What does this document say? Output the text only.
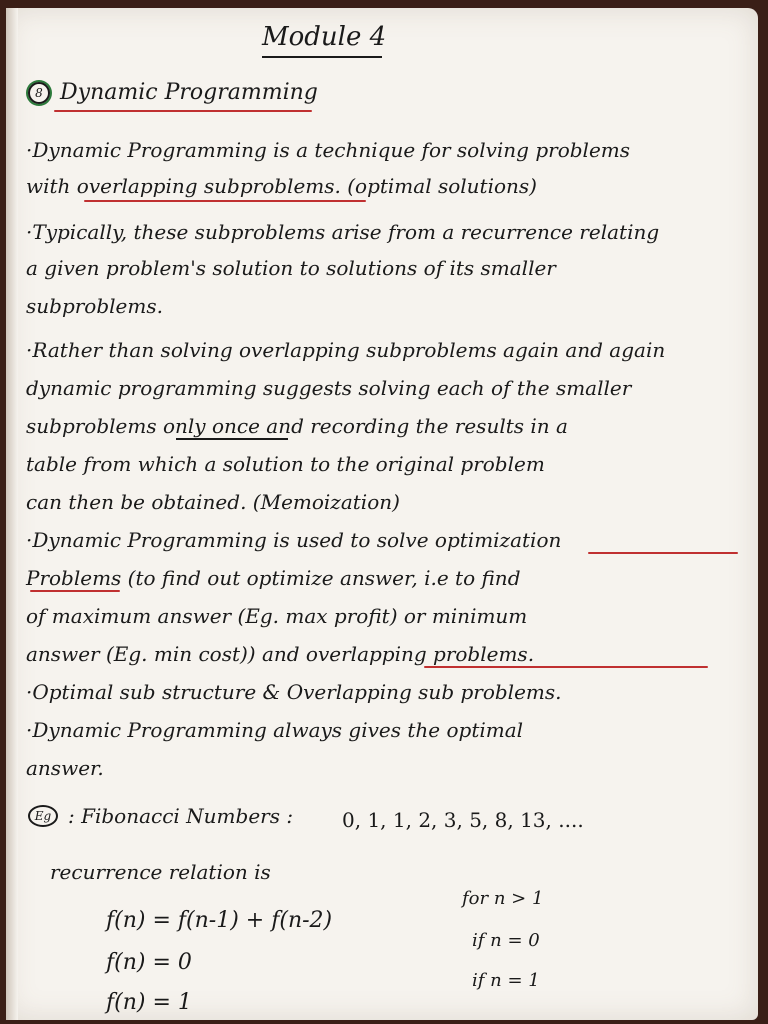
Module 4
8 Dynamic Programming
·Dynamic Programming is a technique for solving problems
with overlapping subproblems. (optimal solutions)
·Typically, these subproblems arise from a recurrence relating
a given problem's solution to solutions of its smaller
subproblems.
·Rather than solving overlapping subproblems again and again
dynamic programming suggests solving each of the smaller
subproblems only once and recording the results in a
table from which a solution to the original problem
can then be obtained. (Memoization)
·Dynamic Programming is used to solve optimization
Problems (to find out optimize answer, i.e to find
of maximum answer (Eg. max profit) or minimum
answer (Eg. min cost)) and overlapping problems.
·Optimal sub structure & Overlapping sub problems.
·Dynamic Programming always gives the optimal
answer.
Eg : Fibonacci Numbers : 0, 1, 1, 2, 3, 5, 8, 13, ....
recurrence relation is
f(n) = f(n-1) + f(n-2)
for n > 1
f(n) = 0
if n = 0
f(n) = 1
if n = 1
